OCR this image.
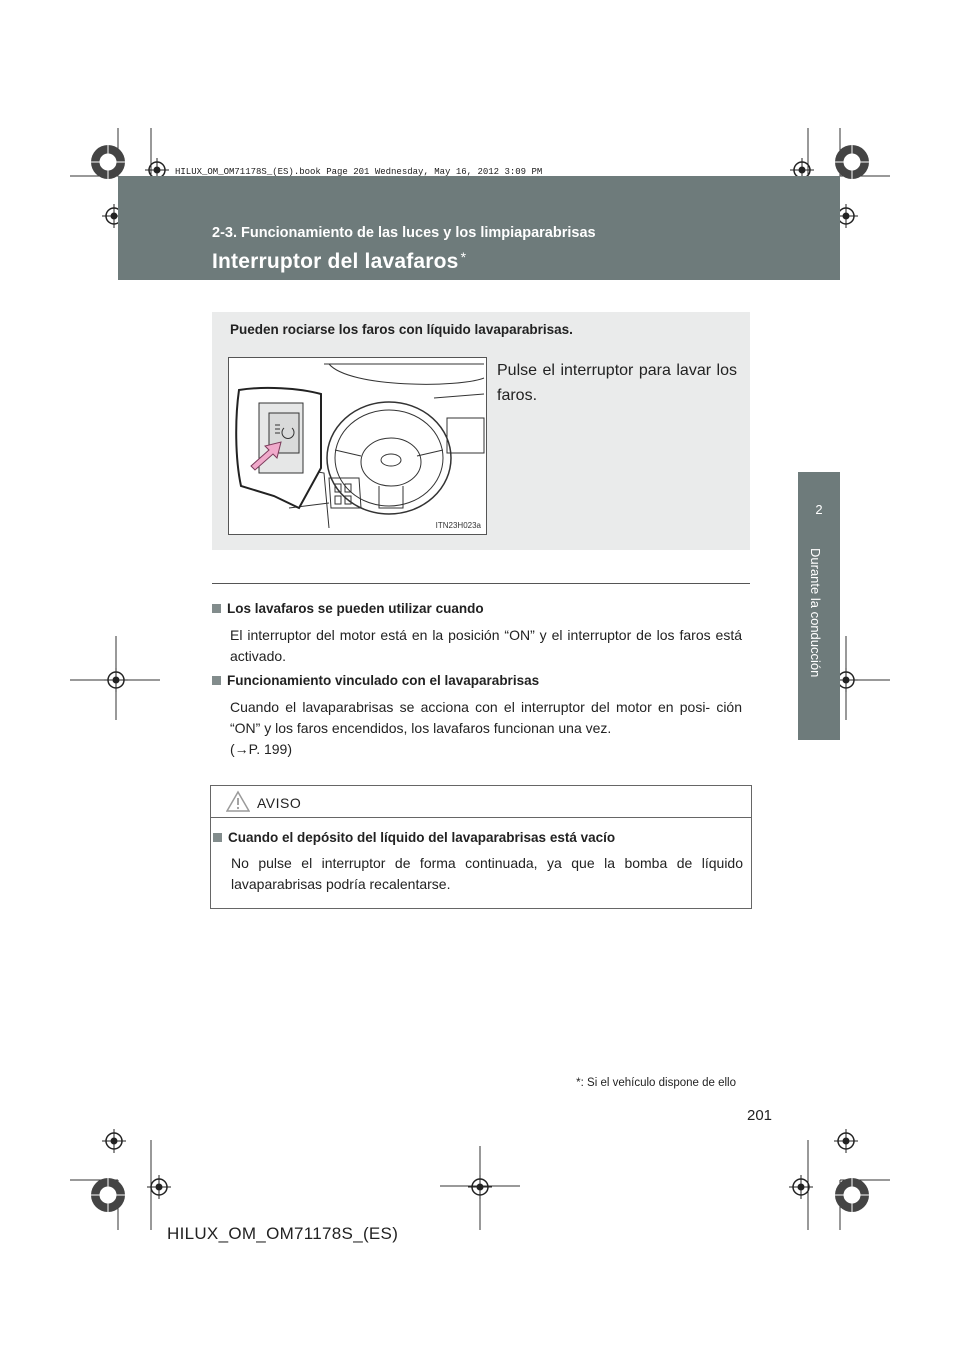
HILUX_OM_OM71178S_(ES).book Page 201 Wednesday, May 16, 2012 3:09 PM
2-3. Funcionamiento de las luces y los limpiaparabrisas
Interruptor del lavafaros *
2
Durante la conducción
Pueden rociarse los faros con líquido lavaparabrisas.
Pulse el interruptor para lavar los faros.
ITN23H023a
Los lavafaros se pueden utilizar cuando
El interruptor del motor está en la posición “ON” y el interruptor de los faros está activado.
Funcionamiento vinculado con el lavaparabrisas
Cuando el lavaparabrisas se acciona con el interruptor del motor en posi- ción “ON” y los faros encendidos, los lavafaros funcionan una vez.
(→P. 199)
AVISO
Cuando el depósito del líquido del lavaparabrisas está vacío
No pulse el interruptor de forma continuada, ya que la bomba de líquido lavaparabrisas podría recalentarse.
*: Si el vehículo dispone de ello
201
HILUX_OM_OM71178S_(ES)
